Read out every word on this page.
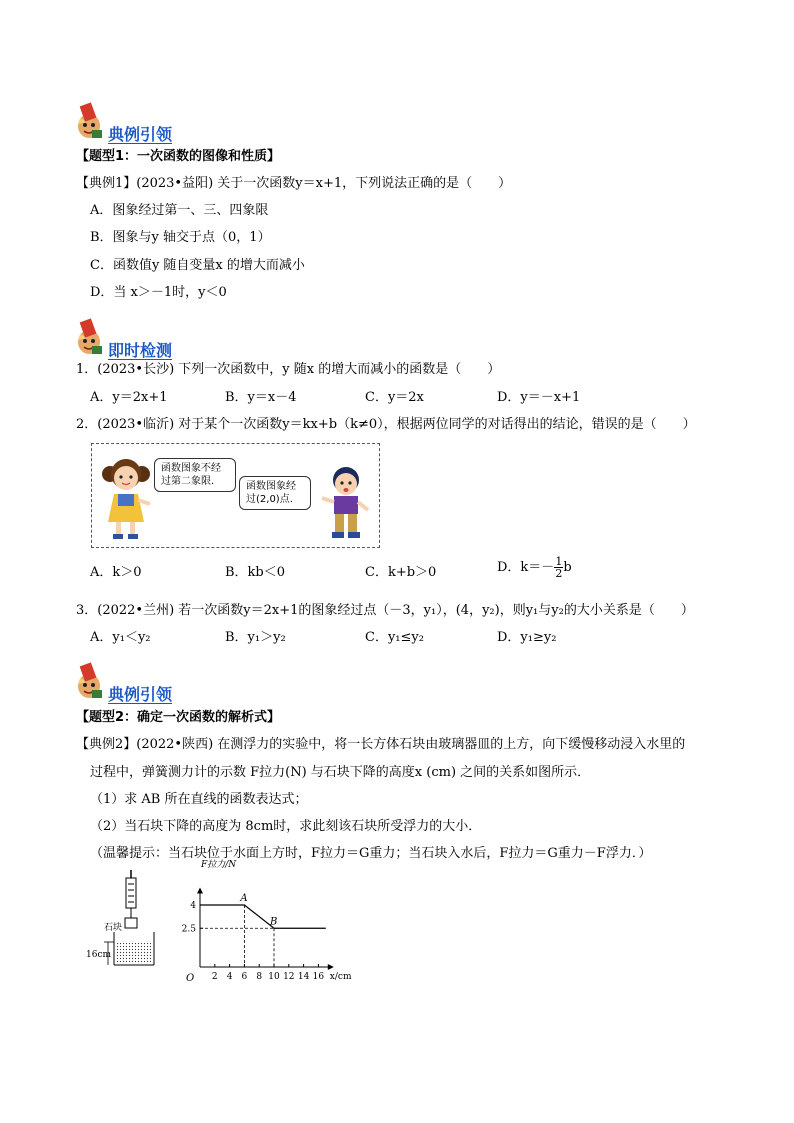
典例引领
【题型1：一次函数的图像和性质】
【典例1】(2023•益阳) 关于一次函数y＝x+1，下列说法正确的是（　　）
A．图象经过第一、三、四象限
B．图象与y 轴交于点（0，1）
C．函数值y 随自变量x 的增大而减小
D．当 x＞－1时，y＜0
即时检测
1．(2023•长沙) 下列一次函数中，y 随x 的增大而减小的函数是（　　）
A．y＝2x+1	B．y＝x－4	C．y＝2x	D．y＝－x+1
2．(2023•临沂) 对于某个一次函数y＝kx+b（k≠0），根据两位同学的对话得出的结论，错误的是（　　）
函数图象不经
过第二象限.	函数图象经
过(2,0)点.
A．k＞0	B．kb＜0	C．k+b＞0	D．$k=- \frac{1}{2}$ b
3．(2022•兰州) 若一次函数y＝2x+1的图象经过点（－3，y₁），(4，y₂)，则y₁与y₂的大小关系是（　　）
A．y₁＜y₂	B．y₁＞y₂	C．y₁≤y₂	D．y₁≥y₂
典例引领
【题型2：确定一次函数的解析式】
【典例2】(2022•陕西) 在测浮力的实验中，将一长方体石块由玻璃器皿的上方，向下缓慢移动浸入水里的
过程中，弹簧测力计的示数 F拉力(N) 与石块下降的高度x (cm) 之间的关系如图所示．
（1）求 AB 所在直线的函数表达式；
（2）当石块下降的高度为 8cm时，求此刻该石块所受浮力的大小．
（温馨提示：当石块位于水面上方时，F拉力＝G重力；当石块入水后，F拉力＝G重力－F浮力．）
石块
16cm
2 4 6 8 10 12 14 16
2.5
4
A
B
O
F拉力/N
x/cm
